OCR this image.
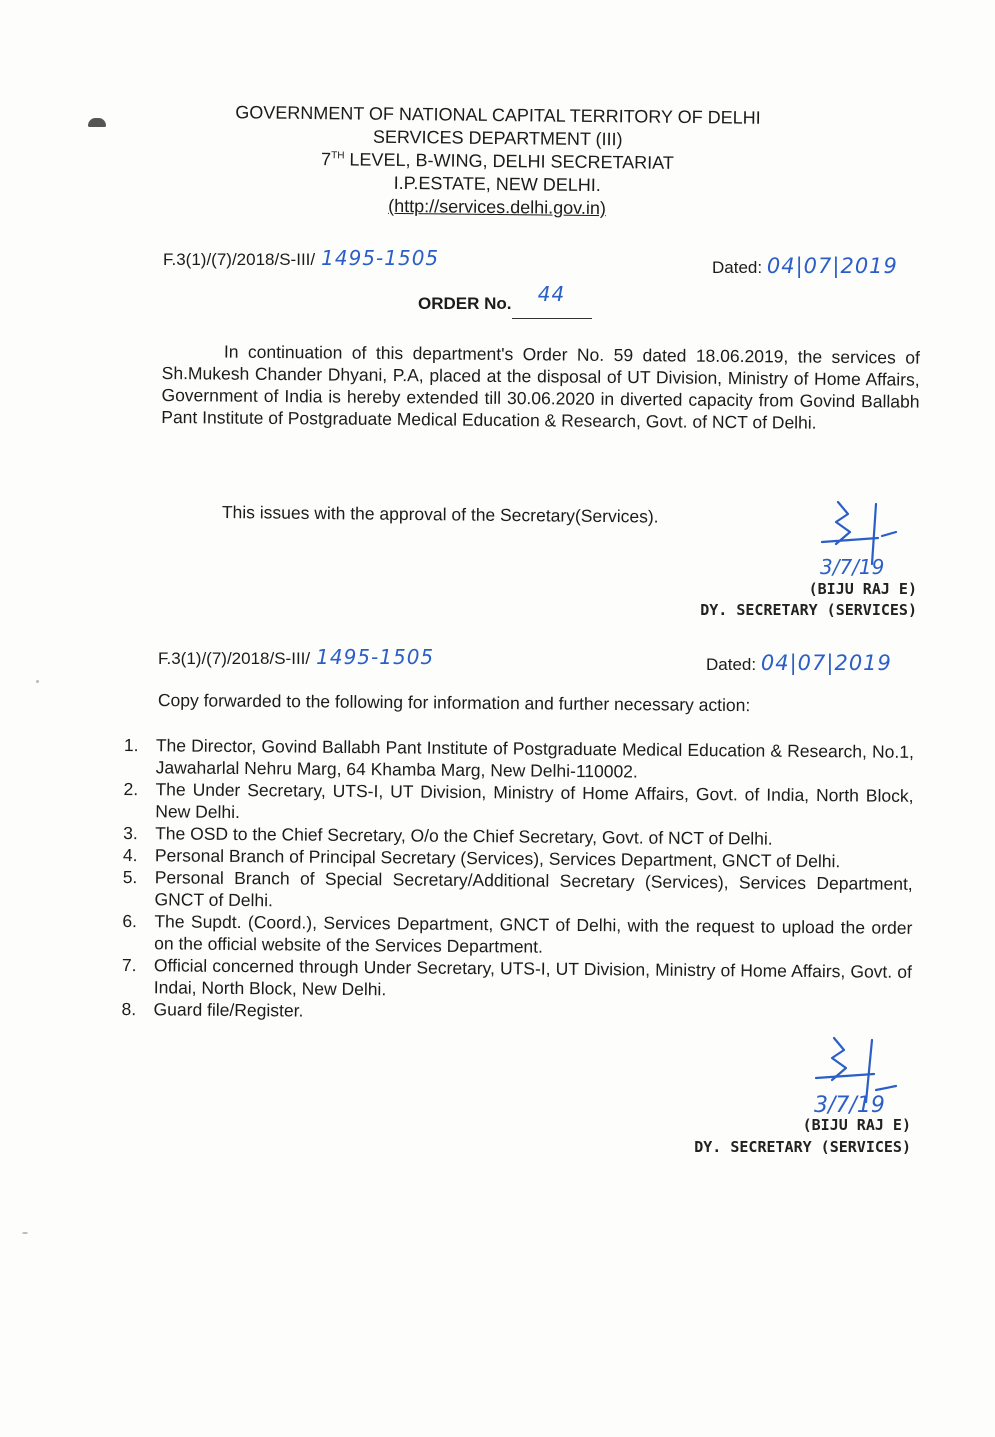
GOVERNMENT OF NATIONAL CAPITAL TERRITORY OF DELHI
SERVICES DEPARTMENT (III)
7TH LEVEL, B-WING, DELHI SECRETARIAT
I.P.ESTATE, NEW DELHI.
(http://services.delhi.gov.in)
F.3(1)/(7)/2018/S-III/ 1495-1505	Dated: 04|07|2019
ORDER No. 44
In continuation of this department's Order No. 59 dated 18.06.2019, the services of Sh.Mukesh Chander Dhyani, P.A, placed at the disposal of UT Division, Ministry of Home Affairs, Government of India is hereby extended till 30.06.2020 in diverted capacity from Govind Ballabh Pant Institute of Postgraduate Medical Education & Research, Govt. of NCT of Delhi.
This issues with the approval of the Secretary(Services).
3/7/19
(BIJU RAJ E)
DY. SECRETARY (SERVICES)
F.3(1)/(7)/2018/S-III/ 1495-1505	Dated: 04|07|2019
Copy forwarded to the following for information and further necessary action:
1. The Director, Govind Ballabh Pant Institute of Postgraduate Medical Education & Research, No.1, Jawaharlal Nehru Marg, 64 Khamba Marg, New Delhi-110002.
2. The Under Secretary, UTS-I, UT Division, Ministry of Home Affairs, Govt. of India, North Block, New Delhi.
3. The OSD to the Chief Secretary, O/o the Chief Secretary, Govt. of NCT of Delhi.
4. Personal Branch of Principal Secretary (Services), Services Department, GNCT of Delhi.
5. Personal Branch of Special Secretary/Additional Secretary (Services), Services Department, GNCT of Delhi.
6. The Supdt. (Coord.), Services Department, GNCT of Delhi, with the request to upload the order on the official website of the Services Department.
7. Official concerned through Under Secretary, UTS-I, UT Division, Ministry of Home Affairs, Govt. of Indai, North Block, New Delhi.
8. Guard file/Register.
3/7/19
(BIJU RAJ E)
DY. SECRETARY (SERVICES)
